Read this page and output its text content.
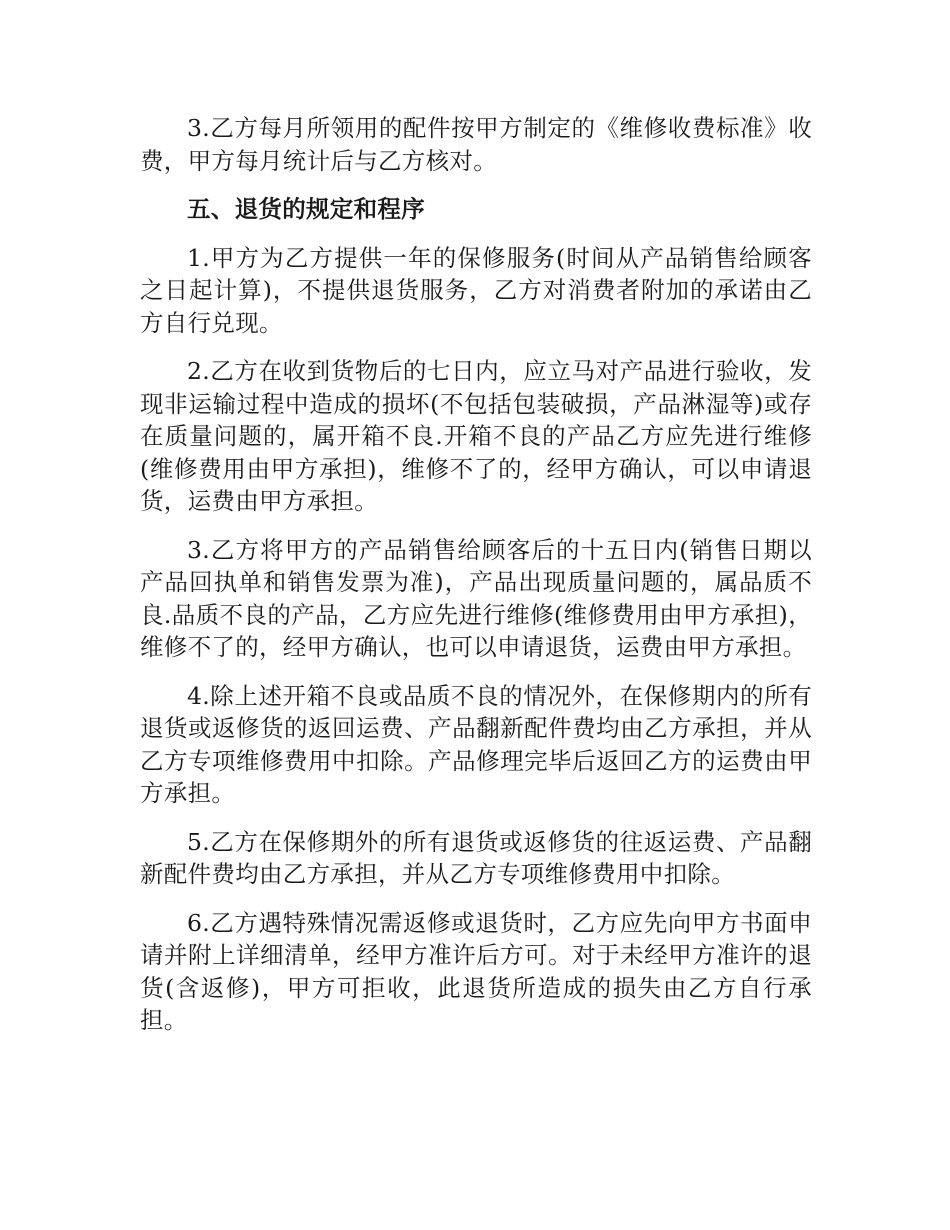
3.乙方每月所领用的配件按甲方制定的《维修收费标准》收费，甲方每月统计后与乙方核对。

五、退货的规定和程序

1.甲方为乙方提供一年的保修服务(时间从产品销售给顾客之日起计算)，不提供退货服务，乙方对消费者附加的承诺由乙方自行兑现。

2.乙方在收到货物后的七日内，应立马对产品进行验收，发现非运输过程中造成的损坏(不包括包装破损，产品淋湿等)或存在质量问题的，属开箱不良.开箱不良的产品乙方应先进行维修(维修费用由甲方承担)，维修不了的，经甲方确认，可以申请退货，运费由甲方承担。

3.乙方将甲方的产品销售给顾客后的十五日内(销售日期以产品回执单和销售发票为准)，产品出现质量问题的，属品质不良.品质不良的产品，乙方应先进行维修(维修费用由甲方承担)，维修不了的，经甲方确认，也可以申请退货，运费由甲方承担。

4.除上述开箱不良或品质不良的情况外，在保修期内的所有退货或返修货的返回运费、产品翻新配件费均由乙方承担，并从乙方专项维修费用中扣除。产品修理完毕后返回乙方的运费由甲方承担。

5.乙方在保修期外的所有退货或返修货的往返运费、产品翻新配件费均由乙方承担，并从乙方专项维修费用中扣除。

6.乙方遇特殊情况需返修或退货时，乙方应先向甲方书面申请并附上详细清单，经甲方准许后方可。对于未经甲方准许的退货(含返修)，甲方可拒收，此退货所造成的损失由乙方自行承担。
